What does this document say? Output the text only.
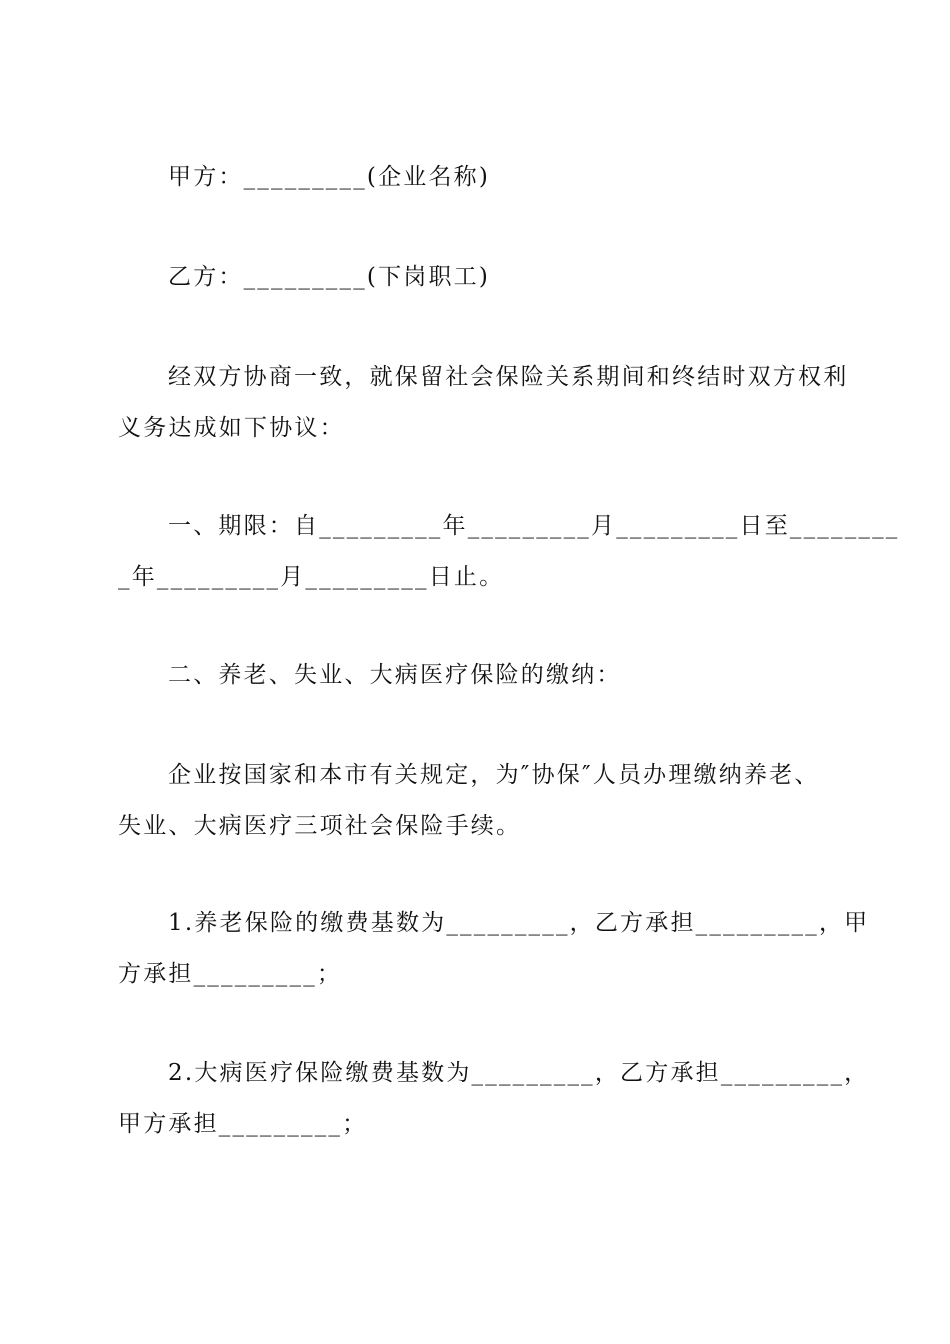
甲方：_________(企业名称)
乙方：_________(下岗职工)
经双方协商一致，就保留社会保险关系期间和终结时双方权利
义务达成如下协议：
一、期限：自_________年_________月_________日至________
_年_________月_________日止。
二、养老、失业、大病医疗保险的缴纳：
企业按国家和本市有关规定，为″协保″人员办理缴纳养老、
失业、大病医疗三项社会保险手续。
1.养老保险的缴费基数为_________，乙方承担_________，甲
方承担_________；
2.大病医疗保险缴费基数为_________，乙方承担_________，
甲方承担_________；
